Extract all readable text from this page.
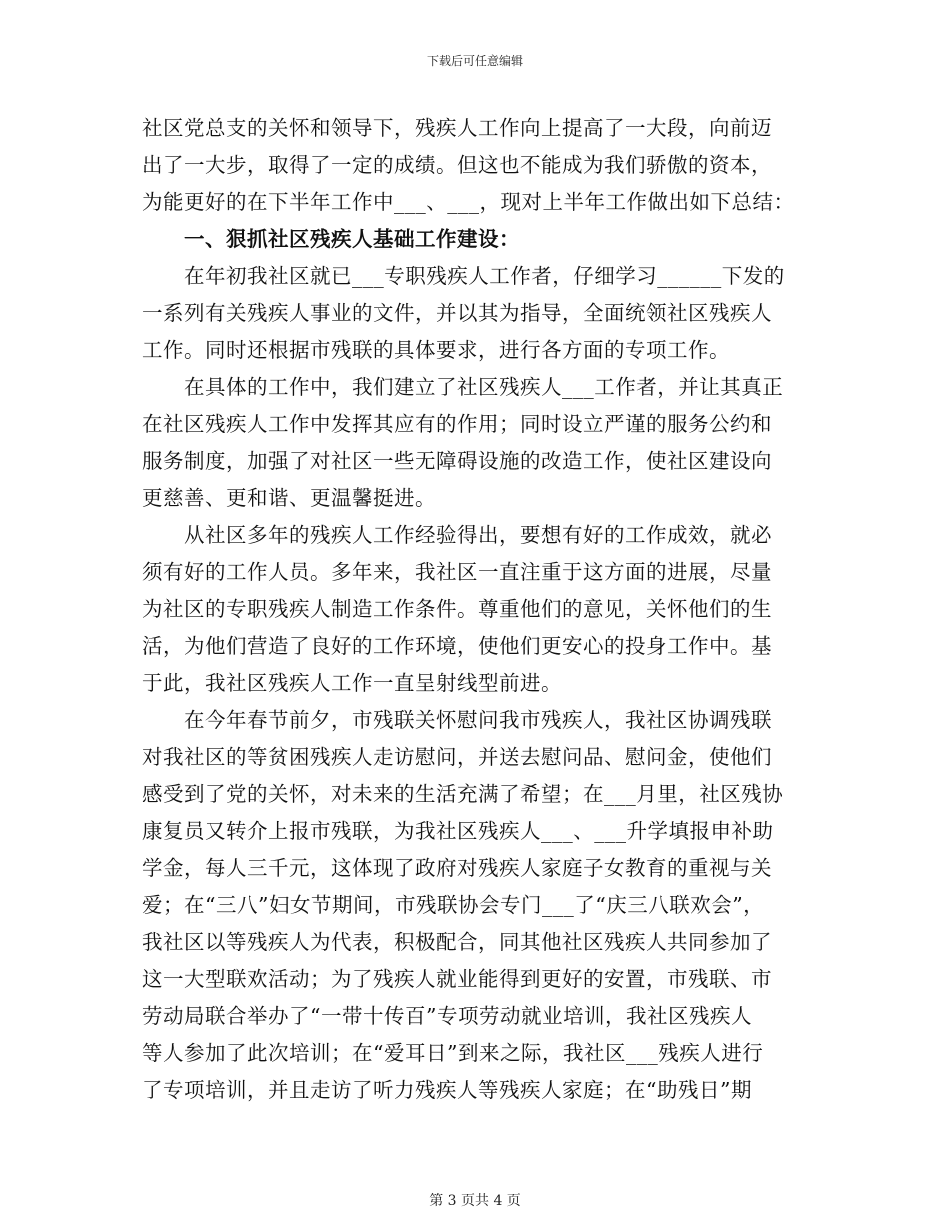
下载后可任意编辑
社区党总支的关怀和领导下，残疾人工作向上提高了一大段，向前迈
出了一大步，取得了一定的成绩。但这也不能成为我们骄傲的资本，
为能更好的在下半年工作中___、___，现对上半年工作做出如下总结：
一、狠抓社区残疾人基础工作建设：
在年初我社区就已___专职残疾人工作者，仔细学习______下发的
一系列有关残疾人事业的文件，并以其为指导，全面统领社区残疾人
工作。同时还根据市残联的具体要求，进行各方面的专项工作。
在具体的工作中，我们建立了社区残疾人___工作者，并让其真正
在社区残疾人工作中发挥其应有的作用；同时设立严谨的服务公约和
服务制度，加强了对社区一些无障碍设施的改造工作，使社区建设向
更慈善、更和谐、更温馨挺进。
从社区多年的残疾人工作经验得出，要想有好的工作成效，就必
须有好的工作人员。多年来，我社区一直注重于这方面的进展，尽量
为社区的专职残疾人制造工作条件。尊重他们的意见，关怀他们的生
活，为他们营造了良好的工作环境，使他们更安心的投身工作中。基
于此，我社区残疾人工作一直呈射线型前进。
在今年春节前夕，市残联关怀慰问我市残疾人，我社区协调残联
对我社区的等贫困残疾人走访慰问，并送去慰问品、慰问金，使他们
感受到了党的关怀，对未来的生活充满了希望；在___月里，社区残协
康复员又转介上报市残联，为我社区残疾人___、___升学填报申补助
学金，每人三千元，这体现了政府对残疾人家庭子女教育的重视与关
爱；在“三八”妇女节期间，市残联协会专门___了“庆三八联欢会”，
我社区以等残疾人为代表，积极配合，同其他社区残疾人共同参加了
这一大型联欢活动；为了残疾人就业能得到更好的安置，市残联、市
劳动局联合举办了“一带十传百”专项劳动就业培训，我社区残疾人
等人参加了此次培训；在“爱耳日”到来之际，我社区___残疾人进行
了专项培训，并且走访了听力残疾人等残疾人家庭；在“助残日”期
第 3 页共 4 页
